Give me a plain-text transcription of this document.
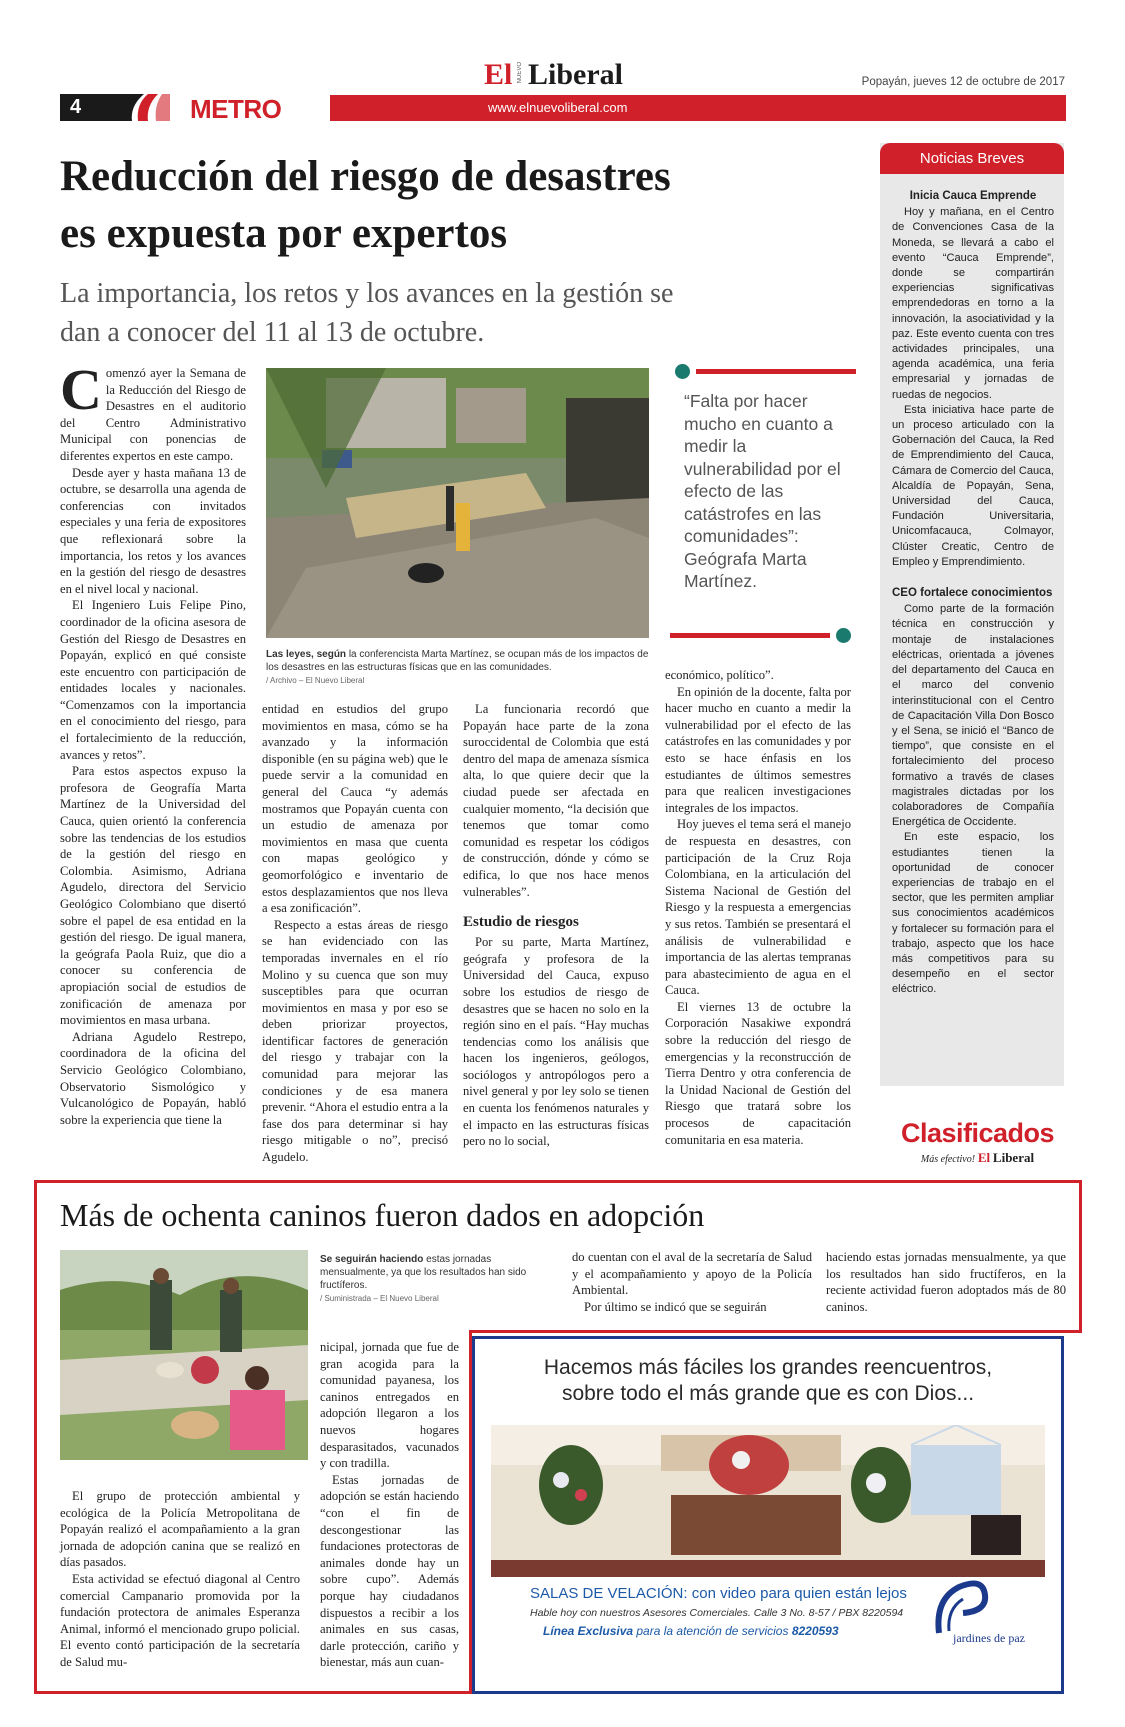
El NUEVO Liberal	Popayán, jueves 12 de octubre de 2017
4	METRO	www.elnuevoliberal.com
Reducción del riesgo de desastres
es expuesta por expertos
La importancia, los retos y los avances en la gestión se
dan a conocer del 11 al 13 de octubre.
C omenzó ayer la Semana de la Reducción del Riesgo de Desastres en el auditorio del Centro Administrativo Municipal con ponencias de diferentes expertos en este campo.

Desde ayer y hasta mañana 13 de octubre, se desarrolla una agenda de conferencias con invitados especiales y una feria de expositores que reflexionará sobre la importancia, los retos y los avances en la gestión del riesgo de desastres en el nivel local y nacional.

El Ingeniero Luis Felipe Pino, coordinador de la oficina asesora de Gestión del Riesgo de Desastres en Popayán, explicó en qué consiste este encuentro con participación de entidades locales y nacionales. “Comenzamos con la importancia en el conocimiento del riesgo, para el fortalecimiento de la reducción, avances y retos”.

Para estos aspectos expuso la profesora de Geografía Marta Martínez de la Universidad del Cauca, quien orientó la conferencia sobre las tendencias de los estudios de la gestión del riesgo en Colombia. Asimismo, Adriana Agudelo, directora del Servicio Geológico Colombiano que disertó sobre el papel de esa entidad en la gestión del riesgo. De igual manera, la geógrafa Paola Ruiz, que dio a conocer su conferencia de apropiación social de estudios de zonificación de amenaza por movimientos en masa urbana.

Adriana Agudelo Restrepo, coordinadora de la oficina del Servicio Geológico Colombiano, Observatorio Sismológico y Vulcanológico de Popayán, habló sobre la experiencia que tiene la

Las leyes, según la conferencista Marta Martínez, se ocupan más de los impactos de los desastres en las estructuras físicas que en las comunidades.
/ Archivo – El Nuevo Liberal

entidad en estudios del grupo movimientos en masa, cómo se ha avanzado y la información disponible (en su página web) que le puede servir a la comunidad en general del Cauca “y además mostramos que Popayán cuenta con un estudio de amenaza por movimientos en masa que cuenta con mapas geológico y geomorfológico e inventario de estos desplazamientos que nos lleva a esa zonificación”.

Respecto a estas áreas de riesgo se han evidenciado con las temporadas invernales en el río Molino y su cuenca que son muy susceptibles para que ocurran movimientos en masa y por eso se deben priorizar proyectos, identificar factores de generación del riesgo y trabajar con la comunidad para mejorar las condiciones y de esa manera prevenir. “Ahora el estudio entra a la fase dos para determinar si hay riesgo mitigable o no”, precisó Agudelo.

La funcionaria recordó que Popayán hace parte de la zona suroccidental de Colombia que está dentro del mapa de amenaza sísmica alta, lo que quiere decir que la ciudad puede ser afectada en cualquier momento, “la decisión que tenemos que tomar como comunidad es respetar los códigos de construcción, dónde y cómo se edifica, lo que nos hace menos vulnerables”.

Estudio de riesgos

Por su parte, Marta Martínez, geógrafa y profesora de la Universidad del Cauca, expuso sobre los estudios de riesgo de desastres que se hacen no solo en la región sino en el país. “Hay muchas tendencias como los análisis que hacen los ingenieros, geólogos, sociólogos y antropólogos pero a nivel general y por ley solo se tienen en cuenta los fenómenos naturales y el impacto en las estructuras físicas pero no lo social,

“Falta por hacer mucho en cuanto a medir la vulnerabilidad por el efecto de las catástrofes en las comunidades”: Geógrafa Marta Martínez.

económico, político”.

En opinión de la docente, falta por hacer mucho en cuanto a medir la vulnerabilidad por el efecto de las catástrofes en las comunidades y por esto se hace énfasis en los estudiantes de últimos semestres para que realicen investigaciones integrales de los impactos.

Hoy jueves el tema será el manejo de respuesta en desastres, con participación de la Cruz Roja Colombiana, en la articulación del Sistema Nacional de Gestión del Riesgo y la respuesta a emergencias y sus retos. También se presentará el análisis de vulnerabilidad e importancia de las alertas tempranas para abastecimiento de agua en el Cauca.

El viernes 13 de octubre la Corporación Nasakiwe expondrá sobre la reducción del riesgo de emergencias y la reconstrucción de Tierra Dentro y otra conferencia de la Unidad Nacional de Gestión del Riesgo que tratará sobre los procesos de capacitación comunitaria en esa materia.

Noticias Breves
Inicia Cauca Emprende

Hoy y mañana, en el Centro de Convenciones Casa de la Moneda, se llevará a cabo el evento “Cauca Emprende”, donde se compartirán experiencias significativas emprendedoras en torno a la innovación, la asociatividad y la paz. Este evento cuenta con tres actividades principales, una agenda académica, una feria empresarial y jornadas de ruedas de negocios.

Esta iniciativa hace parte de un proceso articulado con la Gobernación del Cauca, la Red de Emprendimiento del Cauca, Cámara de Comercio del Cauca, Alcaldía de Popayán, Sena, Universidad del Cauca, Fundación Universitaria, Unicomfacauca, Colmayor, Clúster Creatic, Centro de Empleo y Emprendimiento.

CEO fortalece conocimientos

Como parte de la formación técnica en construcción y montaje de instalaciones eléctricas, orientada a jóvenes del departamento del Cauca en el marco del convenio interinstitucional con el Centro de Capacitación Villa Don Bosco y el Sena, se inició el “Banco de tiempo”, que consiste en el fortalecimiento del proceso formativo a través de clases magistrales dictadas por los colaboradores de Compañía Energética de Occidente.

En este espacio, los estudiantes tienen la oportunidad de conocer experiencias de trabajo en el sector, que les permiten ampliar sus conocimientos académicos y fortalecer su formación para el trabajo, aspecto que los hace más competitivos para su desempeño en el sector eléctrico.

Clasificados
Más efectivo! El Liberal
Más de ochenta caninos fueron dados en adopción
Se seguirán haciendo estas jornadas mensualmente, ya que los resultados han sido fructíferos.
/ Suministrada – El Nuevo Liberal

El grupo de protección ambiental y ecológica de la Policía Metropolitana de Popayán realizó el acompañamiento a la gran jornada de adopción canina que se realizó en días pasados.

Esta actividad se efectuó diagonal al Centro comercial Campanario promovida por la fundación protectora de animales Esperanza Animal, informó el mencionado grupo policial. El evento contó participación de la secretaría de Salud mu-

nicipal, jornada que fue de gran acogida para la comunidad payanesa, los caninos entregados en adopción llegaron a los nuevos hogares desparasitados, vacunados y con tradilla.

Estas jornadas de adopción se están haciendo “con el fin de descongestionar las fundaciones protectoras de animales donde hay un sobre cupo”. Además porque hay ciudadanos dispuestos a recibir a los animales en sus casas, darle protección, cariño y bienestar, más aun cuan-

do cuentan con el aval de la secretaría de Salud y el acompañamiento y apoyo de la Policía Ambiental.

Por último se indicó que se seguirán

haciendo estas jornadas mensualmente, ya que los resultados han sido fructíferos, en la reciente actividad fueron adoptados más de 80 caninos.

Hacemos más fáciles los grandes reencuentros,
sobre todo el más grande que es con Dios...
SALAS DE VELACIÓN: con video para quien están lejos
Hable hoy con nuestros Asesores Comerciales. Calle 3 No. 8-57 / PBX 8220594
Línea Exclusiva para la atención de servicios 8220593	jardines de paz
